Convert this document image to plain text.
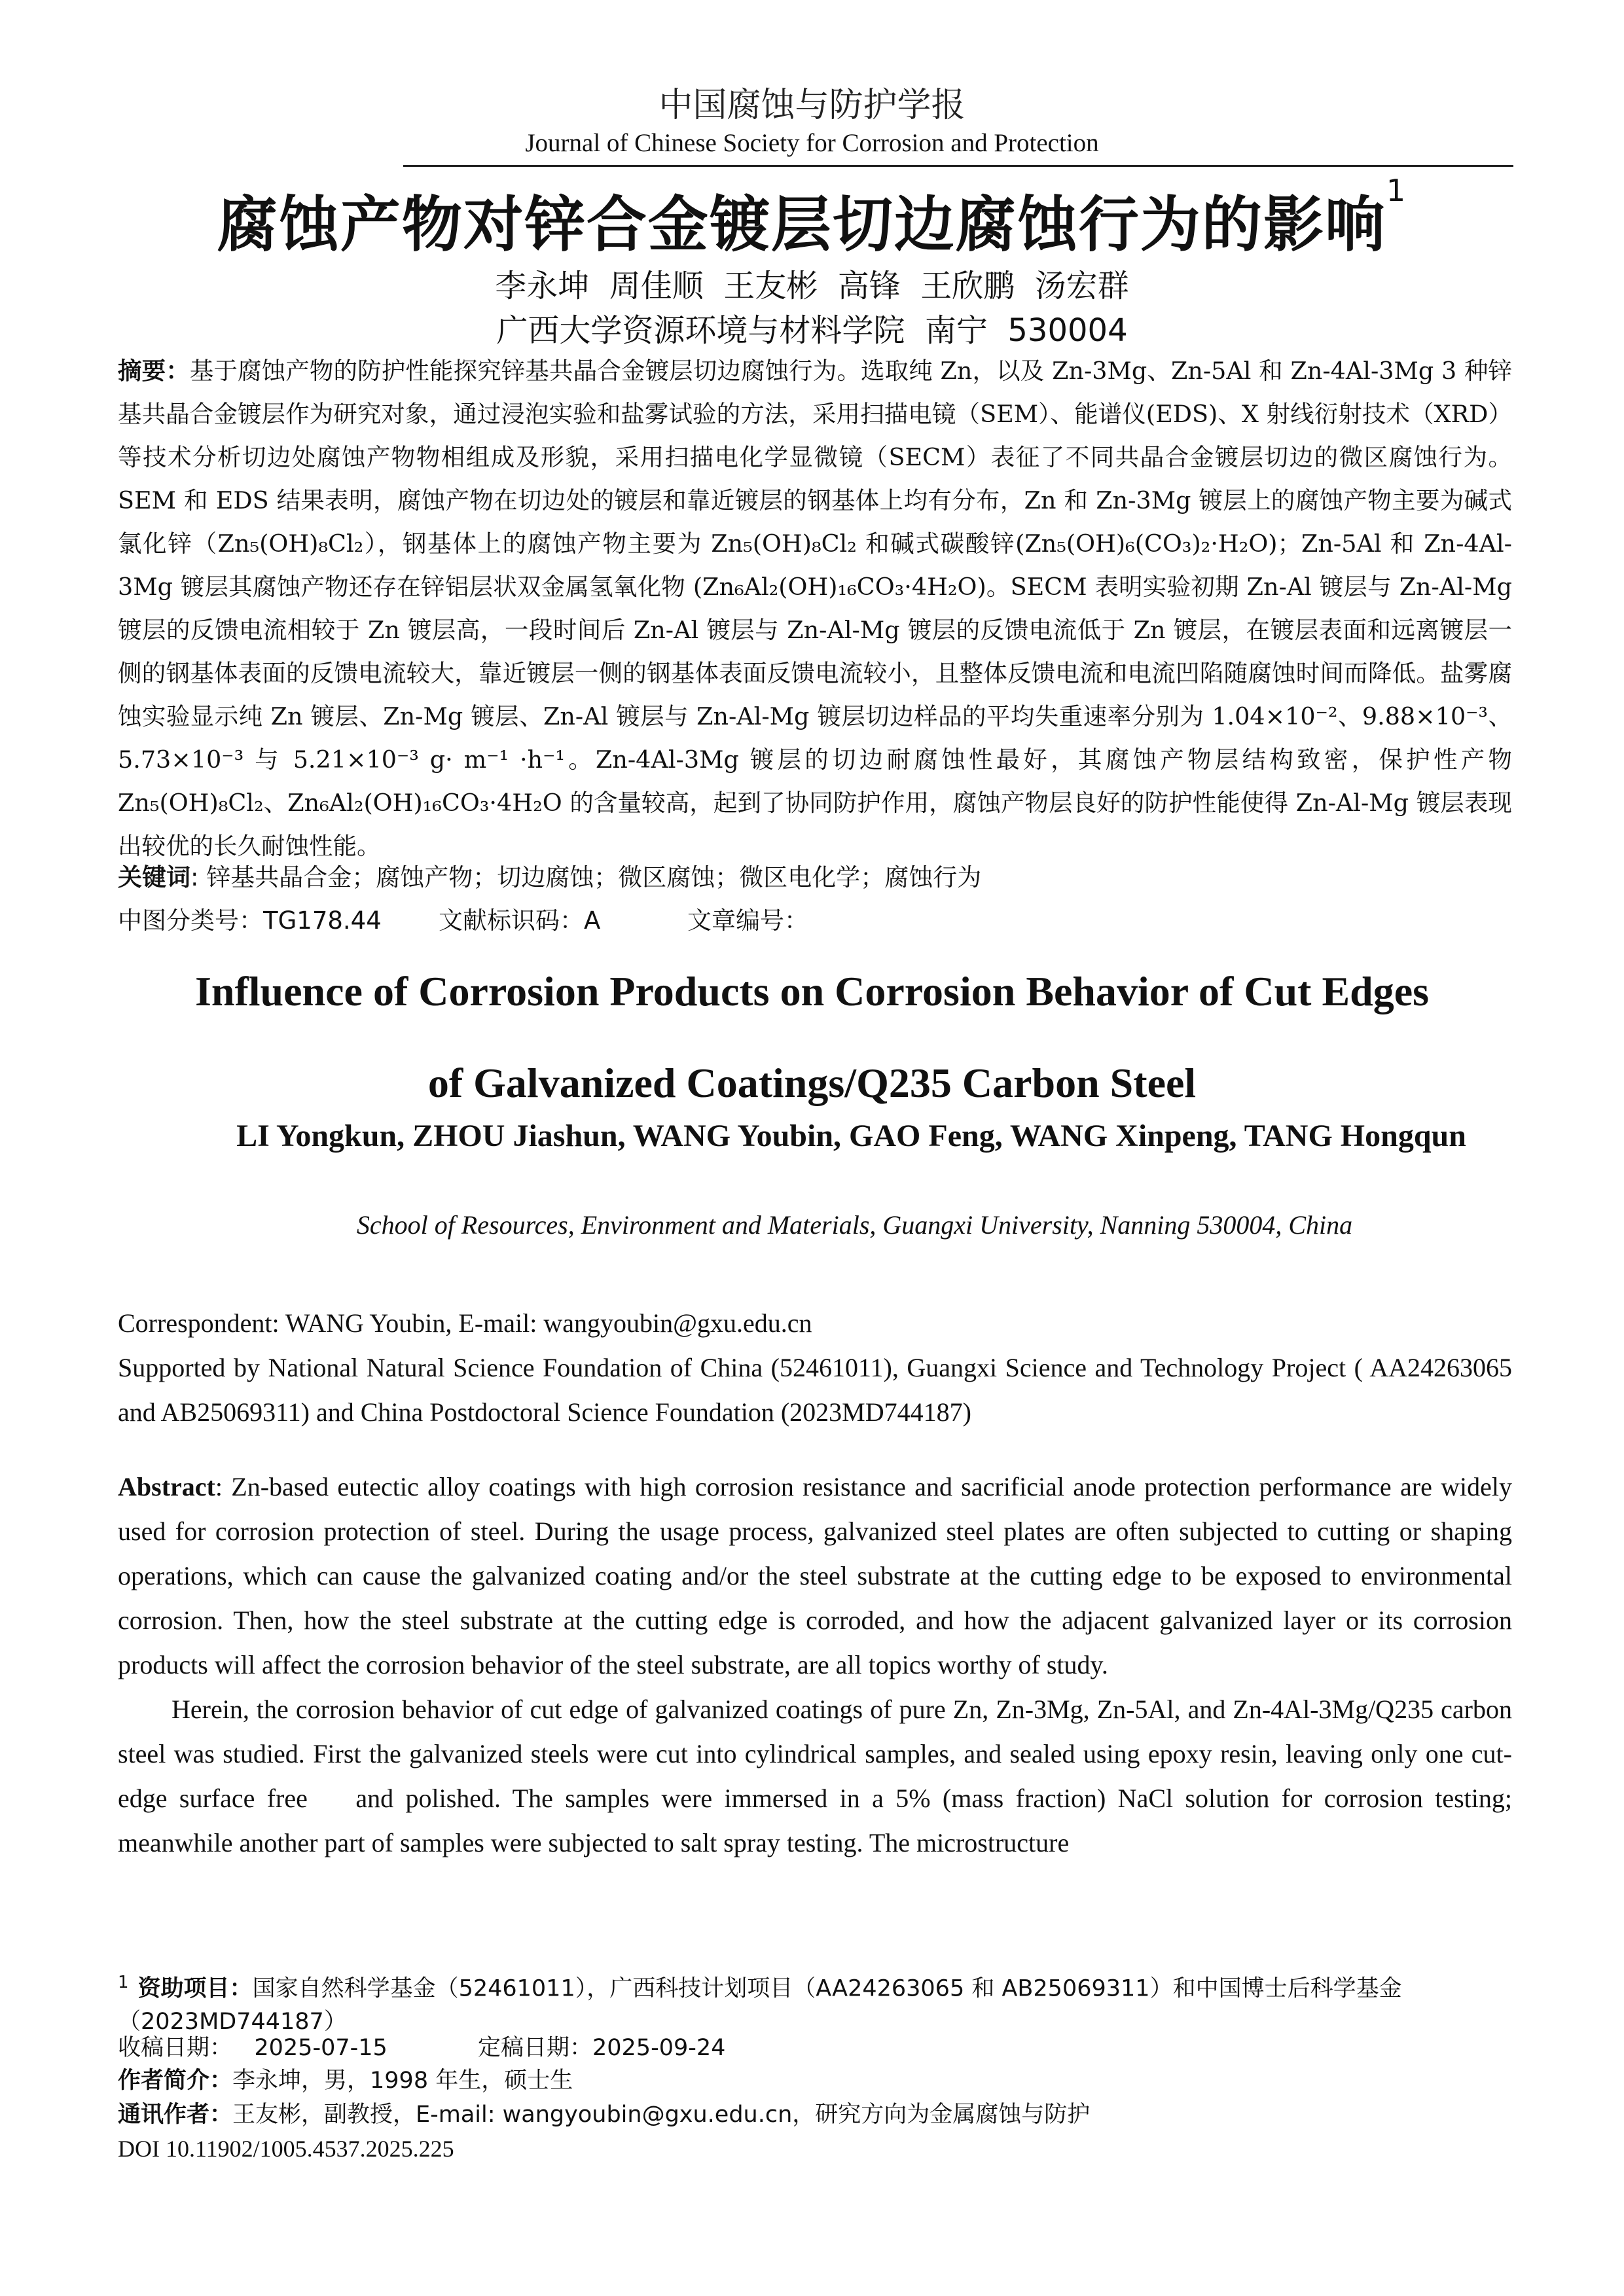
中国腐蚀与防护学报
Journal of Chinese Society for Corrosion and Protection
腐蚀产物对锌合金镀层切边腐蚀行为的影响$^1$
李永坤  周佳顺  王友彬  高锋  王欣鹏  汤宏群
广西大学资源环境与材料学院  南宁  530004
摘要：基于腐蚀产物的防护性能探究锌基共晶合金镀层切边腐蚀行为。选取纯 Zn，以及 Zn-3Mg、Zn-5Al 和 Zn-4Al-3Mg 3 种锌基共晶合金镀层作为研究对象，通过浸泡实验和盐雾试验的方法，采用扫描电镜（SEM）、能谱仪(EDS)、X 射线衍射技术（XRD）等技术分析切边处腐蚀产物物相组成及形貌，采用扫描电化学显微镜（SECM）表征了不同共晶合金镀层切边的微区腐蚀行为。SEM 和 EDS 结果表明，腐蚀产物在切边处的镀层和靠近镀层的钢基体上均有分布，Zn 和 Zn-3Mg 镀层上的腐蚀产物主要为碱式氯化锌（Zn₅(OH)₈Cl₂），钢基体上的腐蚀产物主要为 Zn₅(OH)₈Cl₂ 和碱式碳酸锌(Zn₅(OH)₆(CO₃)₂·H₂O)；Zn-5Al 和 Zn-4Al-3Mg 镀层其腐蚀产物还存在锌铝层状双金属氢氧化物 (Zn₆Al₂(OH)₁₆CO₃·4H₂O)。SECM 表明实验初期 Zn-Al 镀层与 Zn-Al-Mg 镀层的反馈电流相较于 Zn 镀层高，一段时间后 Zn-Al 镀层与 Zn-Al-Mg 镀层的反馈电流低于 Zn 镀层，在镀层表面和远离镀层一侧的钢基体表面的反馈电流较大，靠近镀层一侧的钢基体表面反馈电流较小，且整体反馈电流和电流凹陷随腐蚀时间而降低。盐雾腐蚀实验显示纯 Zn 镀层、Zn-Mg 镀层、Zn-Al 镀层与 Zn-Al-Mg 镀层切边样品的平均失重速率分别为 1.04×10⁻²、9.88×10⁻³、5.73×10⁻³ 与 5.21×10⁻³ g· m⁻¹ ·h⁻¹。Zn-4Al-3Mg 镀层的切边耐腐蚀性最好，其腐蚀产物层结构致密，保护性产物 Zn₅(OH)₈Cl₂、Zn₆Al₂(OH)₁₆CO₃·4H₂O 的含量较高，起到了协同防护作用，腐蚀产物层良好的防护性能使得 Zn-Al-Mg 镀层表现出较优的长久耐蚀性能。
关键词: 锌基共晶合金；腐蚀产物；切边腐蚀；微区腐蚀；微区电化学；腐蚀行为
中图分类号：TG178.44 文献标识码：A	文章编号：
Influence of Corrosion Products on Corrosion Behavior of Cut Edges
of Galvanized Coatings/Q235 Carbon Steel
LI Yongkun, ZHOU Jiashun, WANG Youbin, GAO Feng, WANG Xinpeng, TANG Hongqun
School of Resources, Environment and Materials, Guangxi University, Nanning 530004, China
Correspondent: WANG Youbin, E-mail: wangyoubin@gxu.edu.cn
Supported by National Natural Science Foundation of China (52461011), Guangxi Science and Technology Project ( AA24263065 and AB25069311) and China Postdoctoral Science Foundation (2023MD744187)

Abstract: Zn-based eutectic alloy coatings with high corrosion resistance and sacrificial anode protection performance are widely used for corrosion protection of steel. During the usage process, galvanized steel plates are often subjected to cutting or shaping operations, which can cause the galvanized coating and/or the steel substrate at the cutting edge to be exposed to environmental corrosion. Then, how the steel substrate at the cutting edge is corroded, and how the adjacent galvanized layer or its corrosion products will affect the corrosion behavior of the steel substrate, are all topics worthy of study.

Herein, the corrosion behavior of cut edge of galvanized coatings of pure Zn, Zn-3Mg, Zn-5Al, and Zn-4Al-3Mg/Q235 carbon steel was studied. First the galvanized steels were cut into cylindrical samples, and sealed using epoxy resin, leaving only one cut-edge surface free    and polished. The samples were immersed in a 5% (mass fraction) NaCl solution for corrosion testing; meanwhile another part of samples were subjected to salt spray testing. The microstructure

$^1$ 资助项目：国家自然科学基金（52461011），广西科技计划项目（AA24263065 和 AB25069311）和中国博士后科学基金（2023MD744187）
收稿日期：   2025-07-15	定稿日期：2025-09-24
作者简介：李永坤，男，1998 年生，硕士生
通讯作者：王友彬，副教授，E-mail: wangyoubin@gxu.edu.cn，研究方向为金属腐蚀与防护
DOI 10.11902/1005.4537.2025.225
